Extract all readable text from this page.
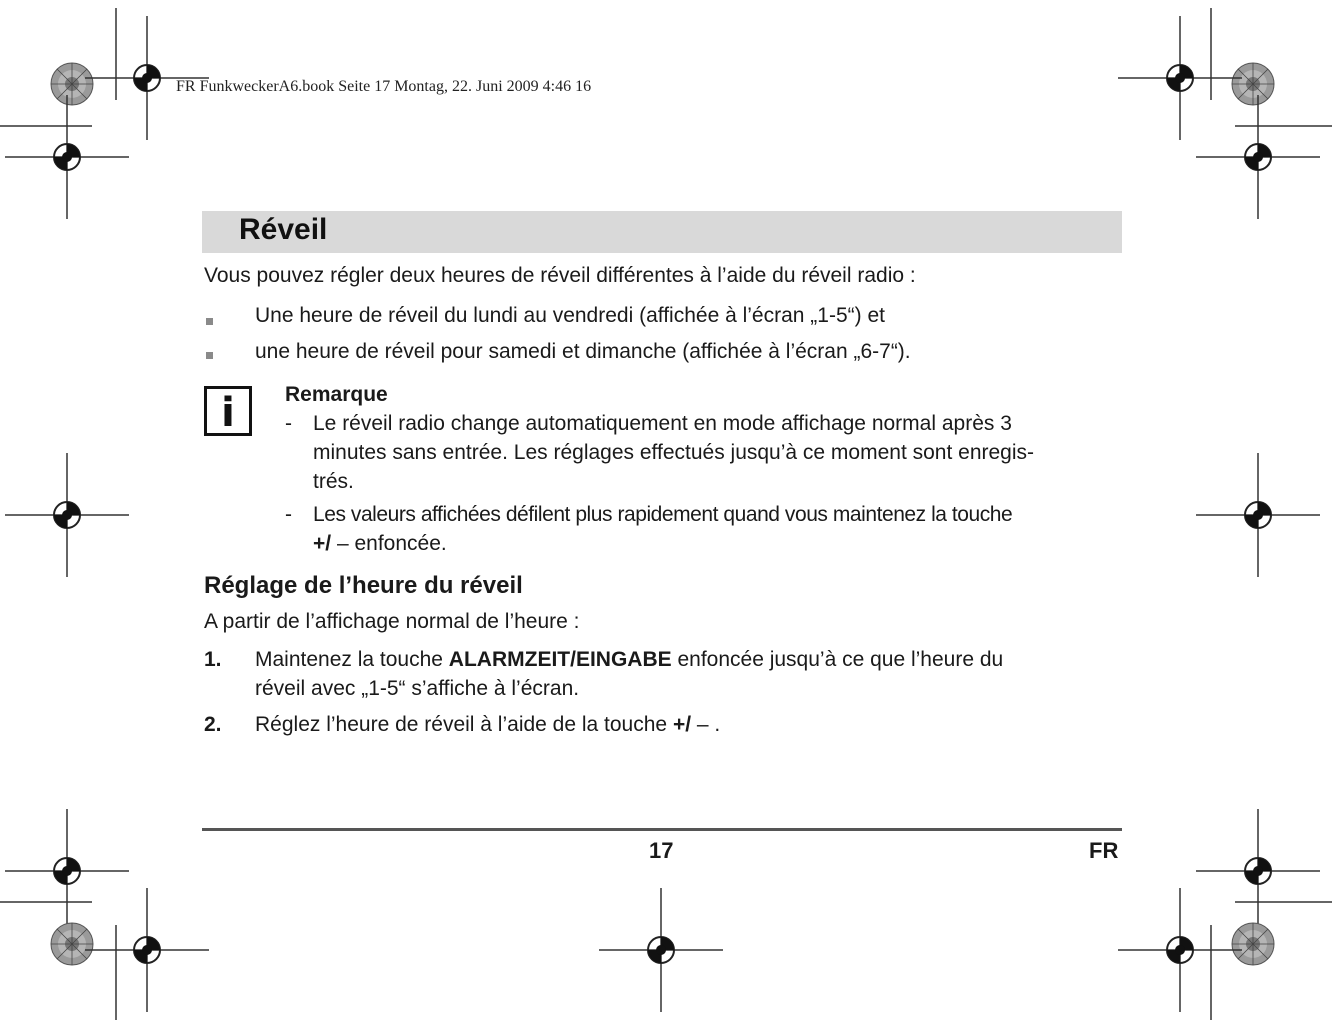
FR FunkweckerA6.book Seite 17 Montag, 22. Juni 2009 4:46 16
Réveil
Vous pouvez régler deux heures de réveil différentes à l’aide du réveil radio :
Une heure de réveil du lundi au vendredi (affichée à l’écran „1-5“) et
une heure de réveil pour samedi et dimanche (affichée à l’écran „6-7“).
i	Remarque
- Le réveil radio change automatiquement en mode affichage normal après 3
minutes sans entrée. Les réglages effectués jusqu’à ce moment sont enregis-
trés.
- Les valeurs affichées défilent plus rapidement quand vous maintenez la touche
+/ – enfoncée.
Réglage de l’heure du réveil
A partir de l’affichage normal de l’heure :
1. Maintenez la touche ALARMZEIT/EINGABE enfoncée jusqu’à ce que l’heure du
réveil avec „1-5“ s’affiche à l’écran.
2. Réglez l’heure de réveil à l’aide de la touche +/ – .
17	FR
